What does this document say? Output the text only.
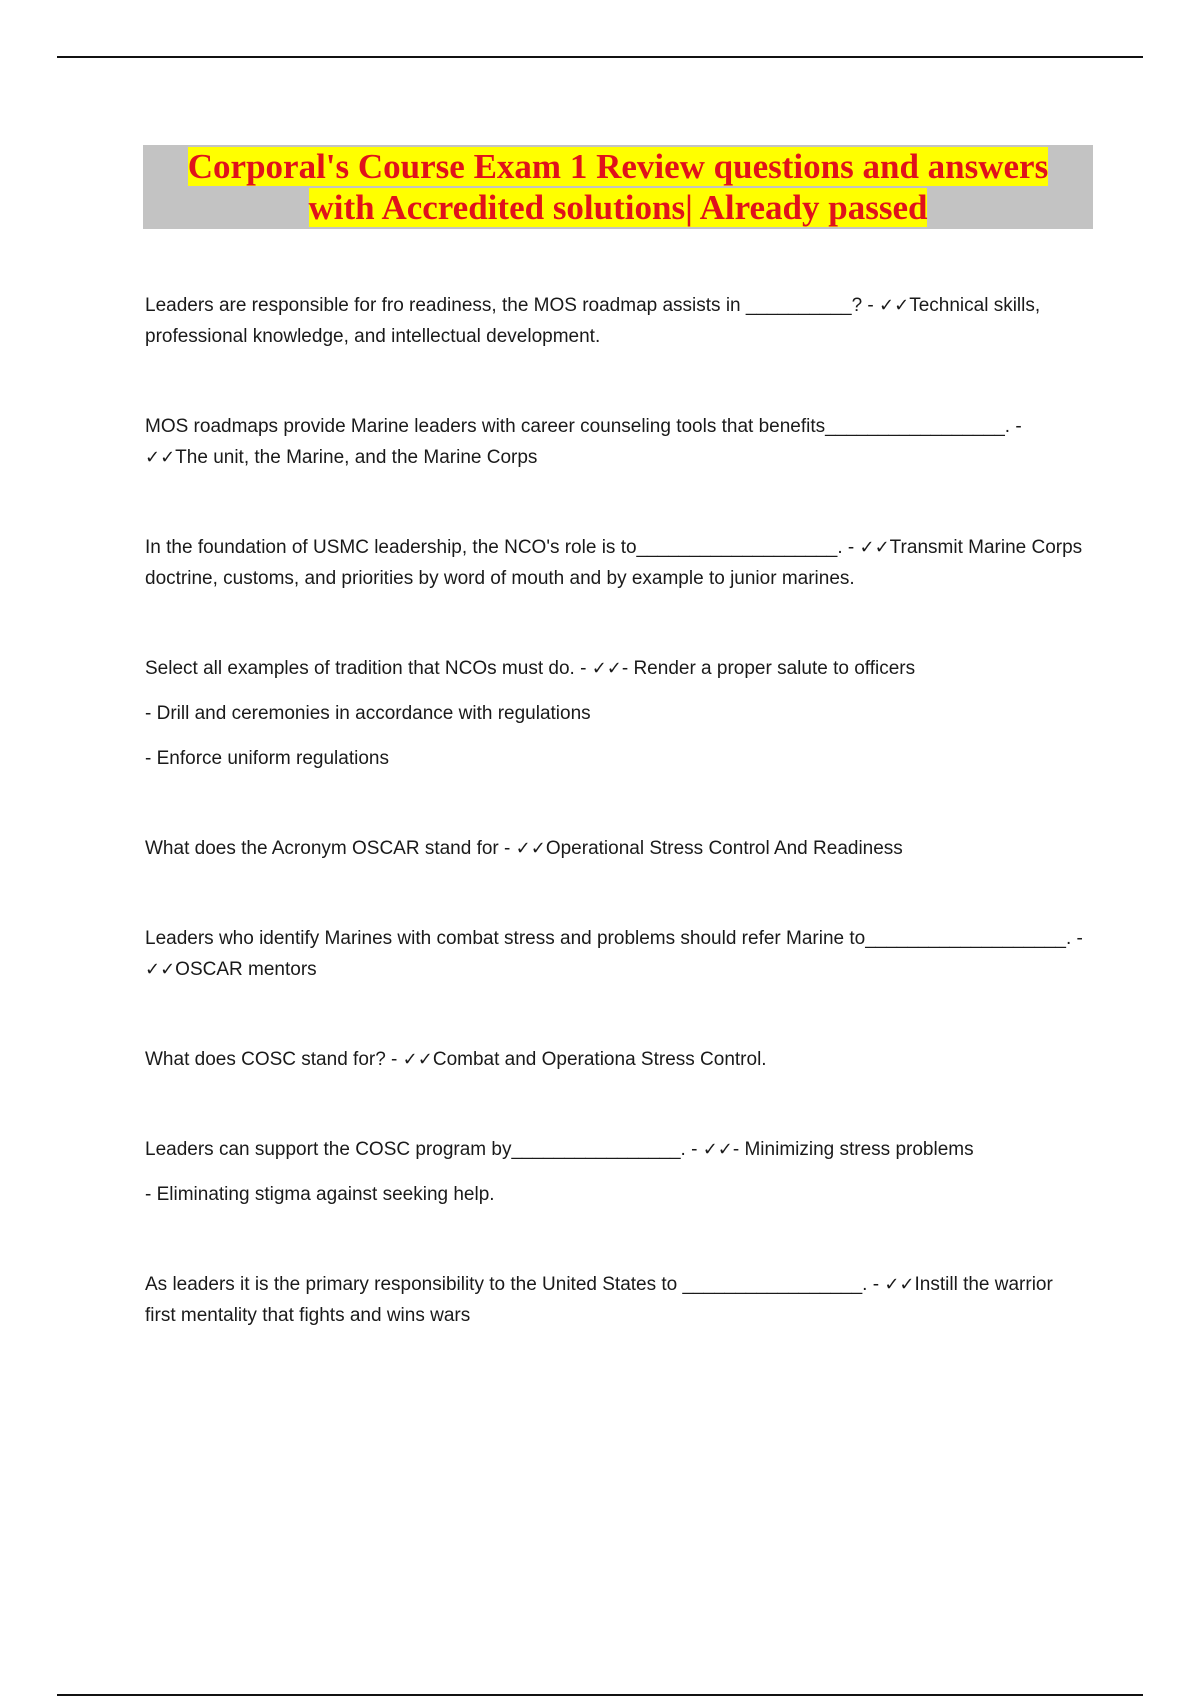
Corporal's Course Exam 1 Review questions and answers
with Accredited solutions| Already passed

Leaders are responsible for fro readiness, the MOS roadmap assists in __________? - ✓✓Technical skills, professional knowledge, and intellectual development.

MOS roadmaps provide Marine leaders with career counseling tools that benefits_________________. - ✓✓The unit, the Marine, and the Marine Corps

In the foundation of USMC leadership, the NCO's role is to___________________. - ✓✓Transmit Marine Corps doctrine, customs, and priorities by word of mouth and by example to junior marines.

Select all examples of tradition that NCOs must do. - ✓✓- Render a proper salute to officers

- Drill and ceremonies in accordance with regulations

- Enforce uniform regulations

What does the Acronym OSCAR stand for - ✓✓Operational Stress Control And Readiness

Leaders who identify Marines with combat stress and problems should refer Marine to___________________. - ✓✓OSCAR mentors

What does COSC stand for? - ✓✓Combat and Operationa Stress Control.

Leaders can support the COSC program by________________. - ✓✓- Minimizing stress problems

- Eliminating stigma against seeking help.

As leaders it is the primary responsibility to the United States to _________________. - ✓✓Instill the warrior first mentality that fights and wins wars
